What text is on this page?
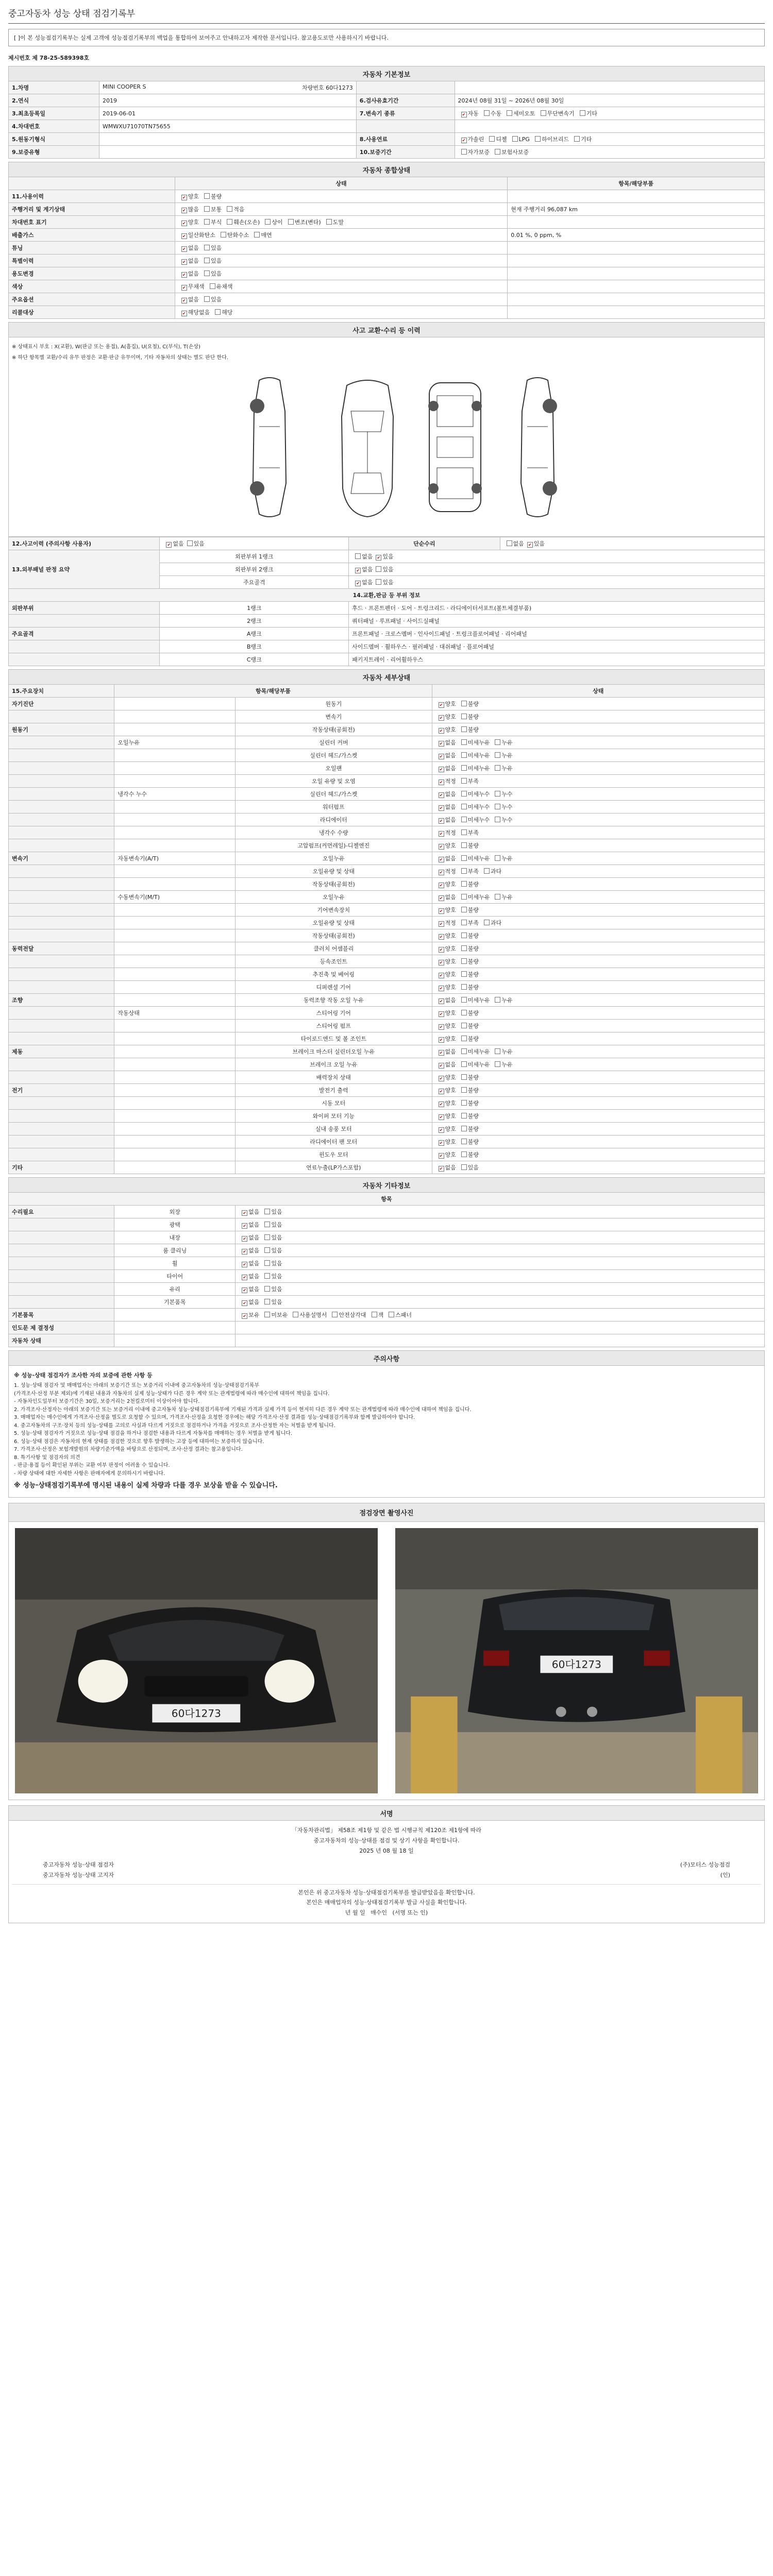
중고자동차 성능 상태 점검기록부
[ ]이 본 성능점검기록부는 실제 고객에 성능점검기록부의 백업을 통합하여 보여주고 안내하고자 제작한 문서입니다. 참고용도로만 사용하시기 바랍니다.
제시번호 제 78-25-589398호
자동차 기본정보			
1.차명	MINI COOPER S 차량번호 60다1273		

2.연식	2019	6.검사유효기간	2024년 08월 31일 ~ 2026년 08월 30일
3.최초등록일	2019-06-01	7.변속기 종류	✔자동 수동 세미오토 무단변속기 기타
4.차대번호	WMWXU71070TN75655		
5.원동기형식		8.사용연료	✔가솔린 디젤 LPG 하이브리드 기타
9.보증유형		10.보증기간	자가보증 보험사보증
자동차 종합상태		
	상태	항목/해당부품
11.사용이력	✔양호 불량	
주행거리 및 계기상태	✔많음 보통 적음	현재 주행거리 96,087 km
차대번호 표기	✔양호 부식 훼손(오손) 상이 변조(변타) 도말	
배출가스	✔일산화탄소 탄화수소 매연	0.01 %, 0 ppm, %
튜닝	✔없음 있음	
특별이력	✔없음 있음	
용도변경	✔없음 있음	
색상	✔무채색 유채색	
주요옵션	✔없음 있음	
리콜대상	✔해당없음 해당	
사고 교환·수리 등 이력

※ 상태표시 부호 : X(교환), W(판금 또는 용접), A(흠집), U(요철), C(부식), T(손상)
※ 하단 항목별 교환/수리 유무 판정은 교환·판금 유무이며, 기타 자동차의 상태는 별도 판단 한다.

12.사고이력 (주의사항 사용자)	✔없음 있음	단순수리	없음 ✔ 있음
13.외부패널 판정 요약	외판부위 1랭크	없음 ✔ 있음
	외판부위 2랭크	✔없음 있음
	주요골격	✔없음 있음
14.교환,판금 등 부위 정보			
외판부위	1랭크	후드 · 프론트펜더 · 도어 · 트렁크리드 · 라디에이터서포트(볼트체결부품)	
	2랭크	쿼터패널 · 루프패널 · 사이드실패널	
주요골격	A랭크	프론트패널 · 크로스멤버 · 인사이드패널 · 트렁크플로어패널 · 리어패널	
	B랭크	사이드멤버 · 휠하우스 · 필러패널 · 대쉬패널 · 플로어패널	
	C랭크	패키지트레이 · 리어휠하우스	
자동차 세부상태			
15.주요장치	항목/해당부품		상태
자기진단		원동기	✔양호 불량
		변속기	✔양호 불량
원동기		작동상태(공회전)	✔양호 불량
	오일누유	실린더 커버	✔없음 미세누유 누유
		실린더 헤드/가스켓	✔없음 미세누유 누유
		오일팬	✔없음 미세누유 누유
		오일 유량 및 오염	✔적정 부족
	냉각수 누수	실린더 헤드/가스켓	✔없음 미세누수 누수
		워터펌프	✔없음 미세누수 누수
		라디에이터	✔없음 미세누수 누수
		냉각수 수량	✔적정 부족
		고압펌프(커먼레일)-디젤엔진	✔양호 불량
변속기	자동변속기(A/T)	오일누유	✔없음 미세누유 누유
		오일유량 및 상태	✔적정 부족 과다
		작동상태(공회전)	✔양호 불량
	수동변속기(M/T)	오일누유	✔없음 미세누유 누유
		기어변속장치	✔양호 불량
		오일유량 및 상태	✔적정 부족 과다
		작동상태(공회전)	✔양호 불량
동력전달		클러치 어셈블리	✔양호 불량
		등속조인트	✔양호 불량
		추진축 및 베어링	✔양호 불량
		디퍼렌셜 기어	✔양호 불량
조향		동력조향 작동 오일 누유	✔없음 미세누유 누유
	작동상태	스티어링 기어	✔양호 불량
		스티어링 펌프	✔양호 불량
		타이로드엔드 및 볼 조인트	✔양호 불량
제동		브레이크 마스터 실린더오일 누유	✔없음 미세누유 누유
		브레이크 오일 누유	✔없음 미세누유 누유
		배력장치 상태	✔양호 불량
전기		발전기 출력	✔양호 불량
		시동 모터	✔양호 불량
		와이퍼 모터 기능	✔양호 불량
		실내 송풍 모터	✔양호 불량
		라디에이터 팬 모터	✔양호 불량
		윈도우 모터	✔양호 불량
기타		연료누출(LP가스포함)	✔없음 있음
자동차 기타정보		
항목		
수리필요	외장	✔없음 있음
	광택	✔없음 있음
	내장	✔없음 있음
	룸 클리닝	✔없음 있음
	휠	✔없음 있음
	타이어	✔없음 있음
	유리	✔없음 있음
	기본품목	✔없음 있음
기본품목		✔보유 미보유 사용설명서 안전삼각대 잭 스패너
인도문 제 결정성		
자동차 상태		
주의사항

※ 성능·상태 점검자가 조사한 자의 보증에 관한 사항 등
1. 성능·상태 점검자 및 매매업자는 아래의 보증기간 또는 보증거리 이내에 중고자동차의 성능·상태점검기록부
(가격조사·산정 부분 제외)에 기재된 내용과 자동차의 실제 성능·상태가 다른 경우 계약 또는 관계법령에 따라 매수인에 대하여 책임을 집니다.
- 자동차인도일부터 보증기간은 30일, 보증거리는 2천킬로미터 이상이어야 합니다.
2. 가격조사·산정자는 아래의 보증기간 또는 보증거리 이내에 중고자동차 성능·상태점검기록부에 기재된 가격과 실제 가격 등이 현저히 다른 경우 계약 또는 관계법령에 따라 매수인에 대하여 책임을 집니다.
3. 매매업자는 매수인에게 가격조사·산정을 별도로 요청할 수 있으며, 가격조사·산정을 요청한 경우에는 해당 가격조사·산정 결과를 성능·상태점검기록부와 함께 발급하여야 합니다.
4. 중고자동차의 구조·장치 등의 성능·상태를 고의로 사실과 다르게 거짓으로 점검하거나 가격을 거짓으로 조사·산정한 자는 처벌을 받게 됩니다.
5. 성능·상태 점검자가 거짓으로 성능·상태 점검을 하거나 점검한 내용과 다르게 자동차를 매매하는 경우 처벌을 받게 됩니다.
6. 성능·상태 점검은 자동차의 현재 상태를 점검한 것으로 향후 발생하는 고장 등에 대하여는 보증하지 않습니다.
7. 가격조사·산정은 보험개발원의 차량기준가액을 바탕으로 산정되며, 조사·산정 결과는 참고용입니다.
8. 특기사항 및 점검자의 의견
- 판금·용접 등이 확인된 부위는 교환 여부 판정이 어려울 수 있습니다.
- 차량 상태에 대한 자세한 사항은 판매자에게 문의하시기 바랍니다.
※ 성능·상태점검기록부에 명시된 내용이 실제 차량과 다를 경우 보상을 받을 수 있습니다.
점검장면 촬영사진
60다1273
60다1273
서명

「자동차관리법」 제58조 제1항 및 같은 법 시행규칙 제120조 제1항에 따라
중고자동차의 성능·상태를 점검 및 상기 사항을 확인합니다.
2025 년 08 월 18 일
중고자동차 성능·상태 점검자	(주)모터스 성능점검
중고자동차 성능·상태 고지자	(인)
본인은 위 중고자동차 성능·상태점검기록부를 발급받았음을 확인합니다.
본인은 매매업자의 성능·상태점검기록부 발급 사실을 확인합니다.
년 월 일 매수인 (서명 또는 인)
